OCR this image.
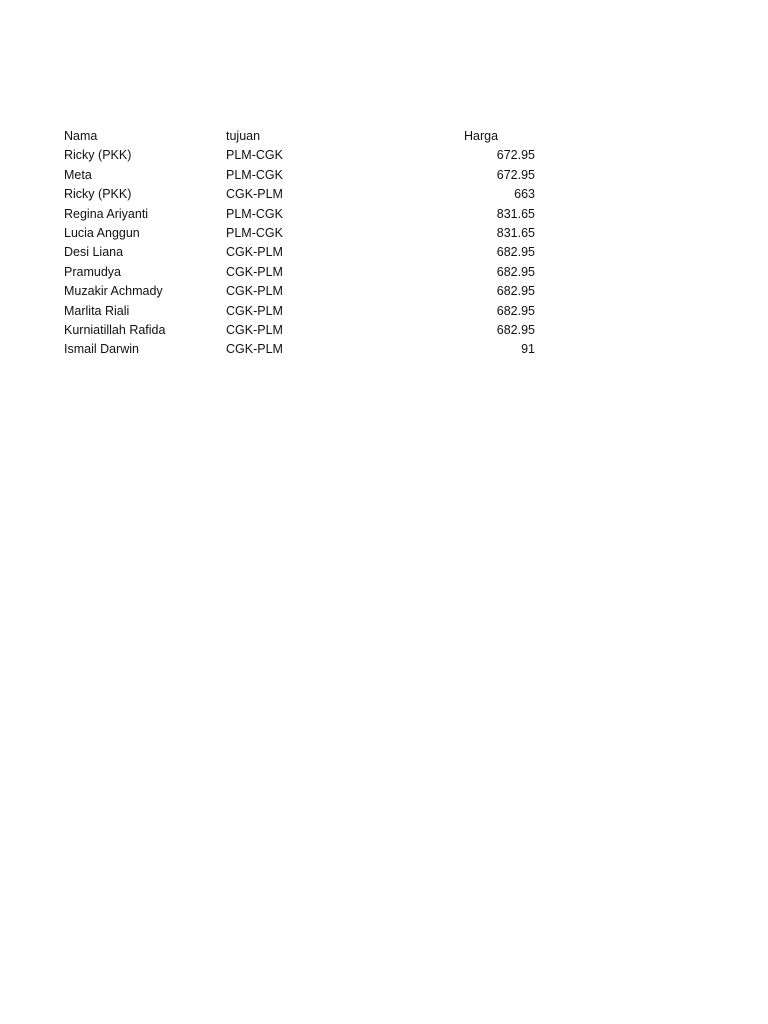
Nama	tujuan	Harga
Ricky (PKK)	PLM-CGK	672.95
Meta	PLM-CGK	672.95
Ricky (PKK)	CGK-PLM	663
Regina Ariyanti	PLM-CGK	831.65
Lucia Anggun	PLM-CGK	831.65
Desi Liana	CGK-PLM	682.95
Pramudya	CGK-PLM	682.95
Muzakir Achmady	CGK-PLM	682.95
Marlita Riali	CGK-PLM	682.95
Kurniatillah Rafida	CGK-PLM	682.95
Ismail Darwin	CGK-PLM	91
